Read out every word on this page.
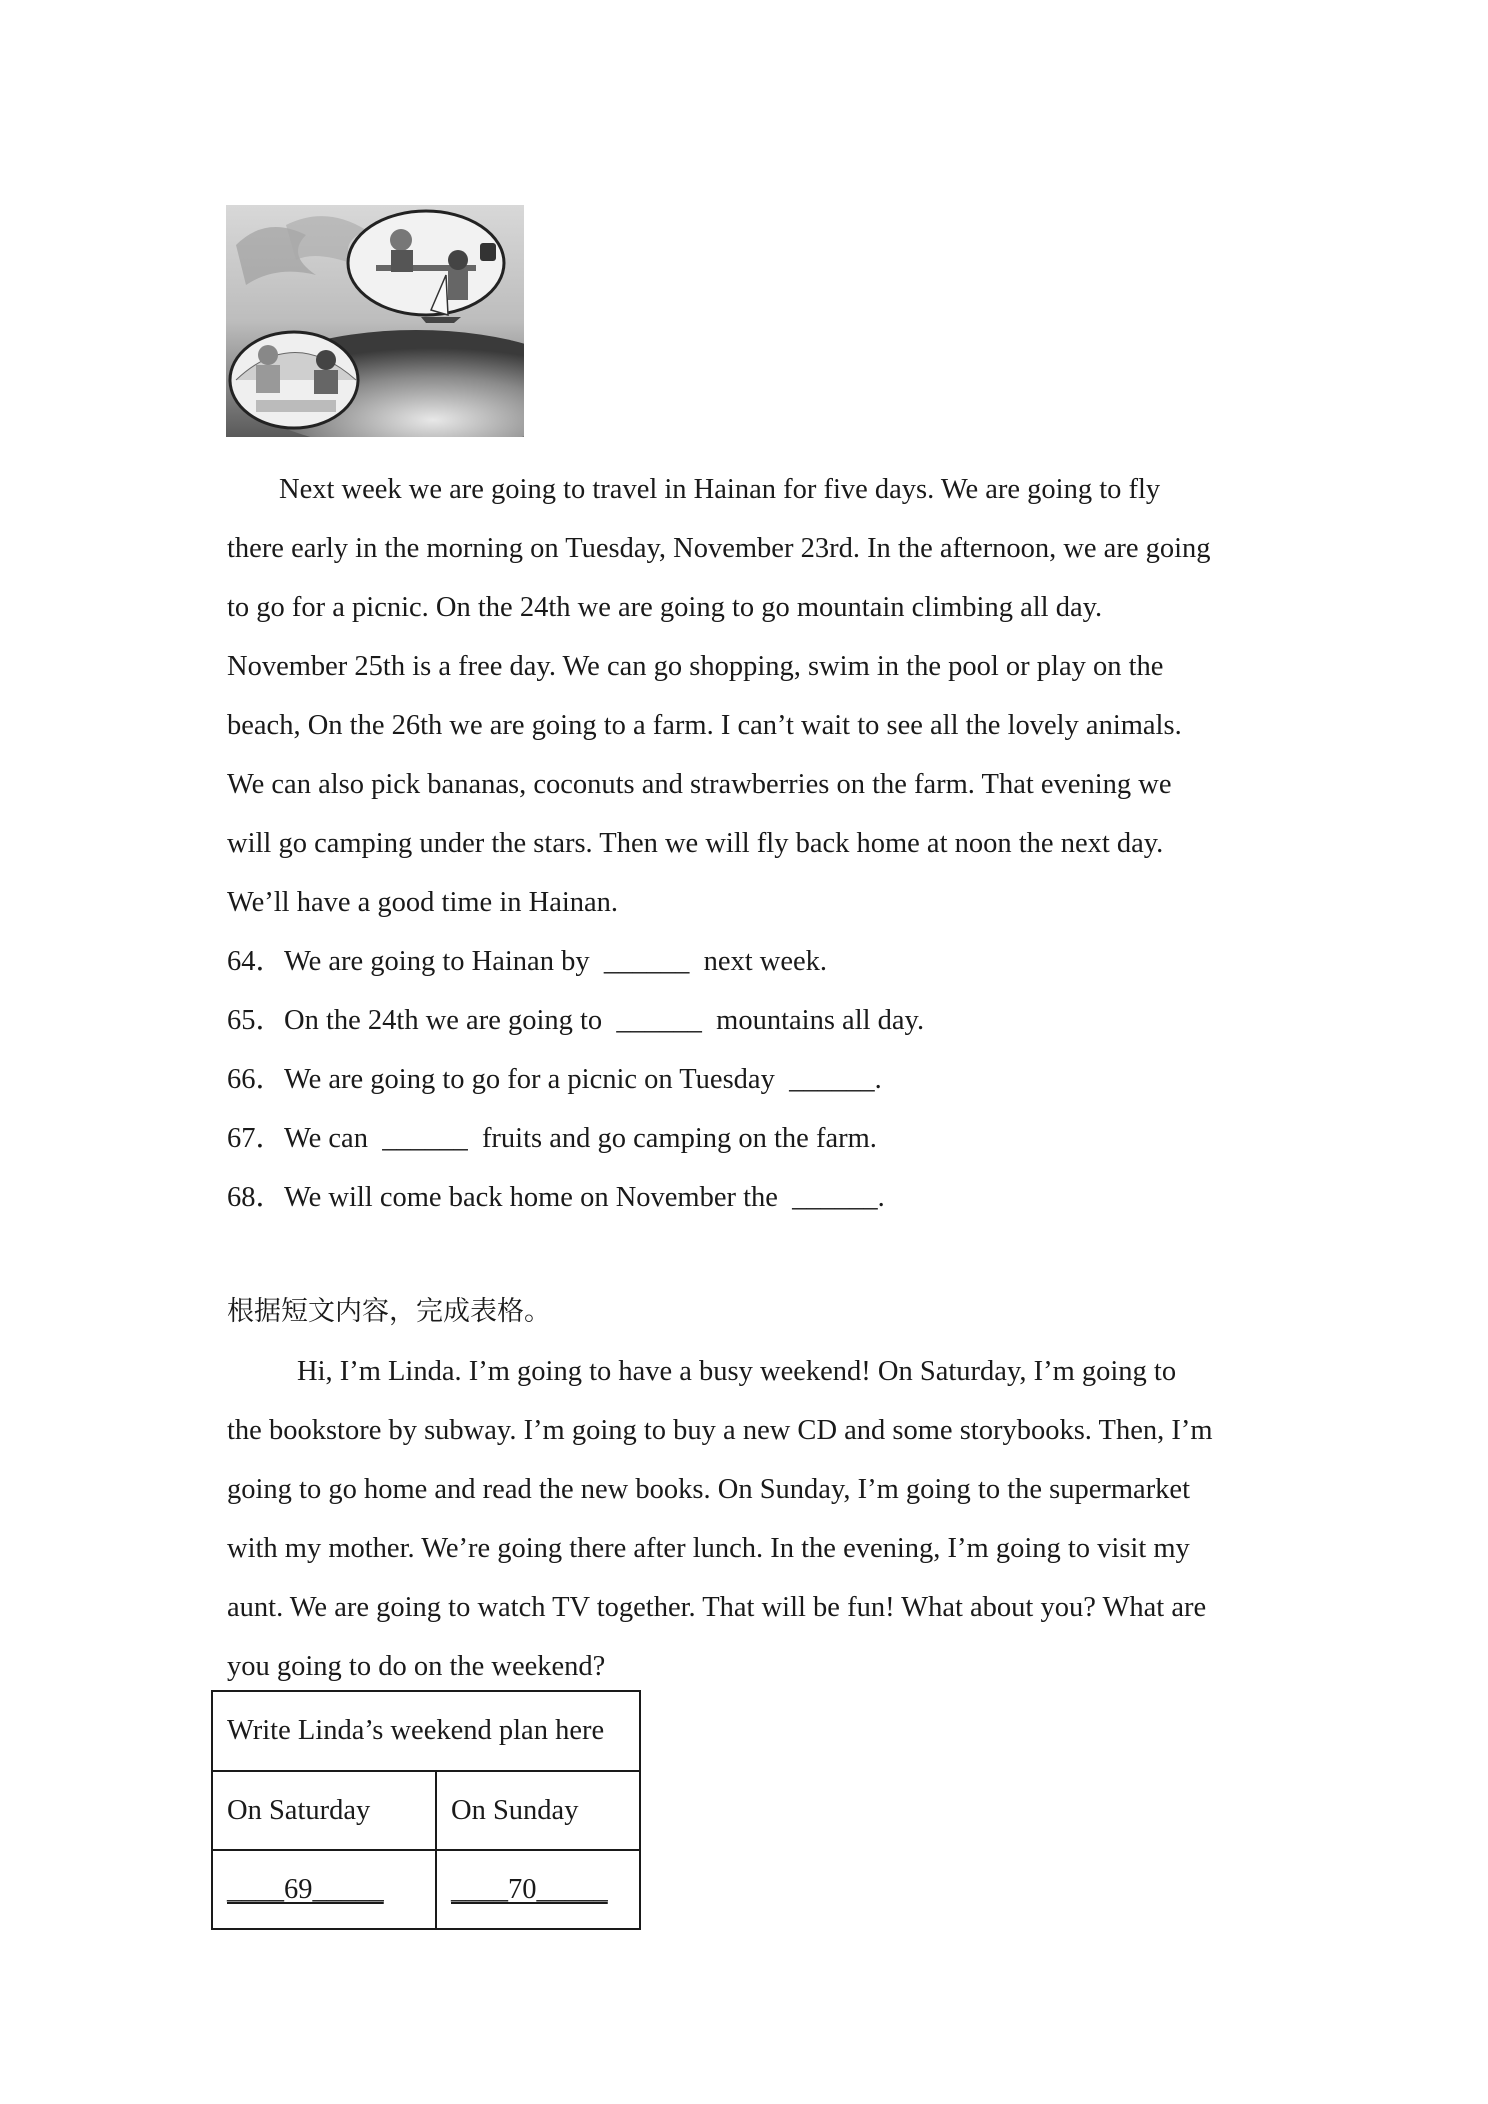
Next week we are going to travel in Hainan for five days. We are going to fly

there early in the morning on Tuesday, November 23rd. In the afternoon, we are going

to go for a picnic. On the 24th we are going to go mountain climbing all day.

November 25th is a free day. We can go shopping, swim in the pool or play on the

beach, On the 26th we are going to a farm. I can’t wait to see all the lovely animals.

We can also pick bananas, coconuts and strawberries on the farm. That evening we

will go camping under the stars. Then we will fly back home at noon the next day.

We’ll have a good time in Hainan.

64．We are going to Hainan by  ______  next week.

65．On the 24th we are going to  ______  mountains all day.

66．We are going to go for a picnic on Tuesday  ______.

67．We can  ______  fruits and go camping on the farm.

68．We will come back home on November the  ______.

根据短文内容，完成表格。

Hi, I’m Linda. I’m going to have a busy weekend! On Saturday, I’m going to

the bookstore by subway. I’m going to buy a new CD and some storybooks. Then, I’m

going to go home and read the new books. On Sunday, I’m going to the supermarket

with my mother. We’re going there after lunch. In the evening, I’m going to visit my

aunt. We are going to watch TV together. That will be fun! What about you? What are

you going to do on the weekend?

Write Linda’s weekend plan here	
On Saturday	On Sunday
____69_____	____70_____
